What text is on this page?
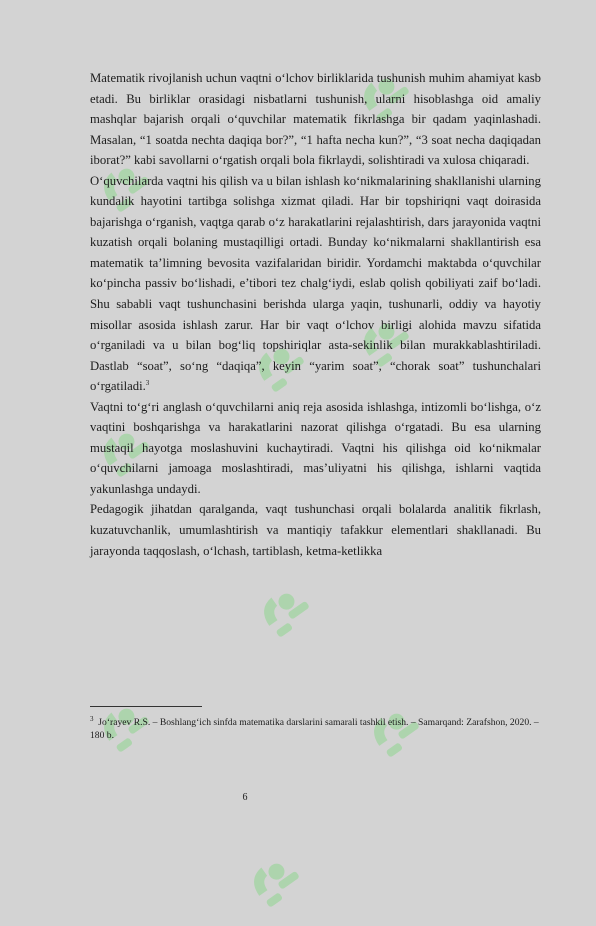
Matematik rivojlanish uchun vaqtni o‘lchov birliklarida tushunish muhim ahamiyat kasb etadi. Bu birliklar orasidagi nisbatlarni tushunish, ularni hisoblashga oid amaliy mashqlar bajarish orqali o‘quvchilar matematik fikrlashga bir qadam yaqinlashadi. Masalan, “1 soatda nechta daqiqa bor?”, “1 hafta necha kun?”, “3 soat necha daqiqadan iborat?” kabi savollarni o‘rgatish orqali bola fikrlaydi, solishtiradi va xulosa chiqaradi.

O‘quvchilarda vaqtni his qilish va u bilan ishlash ko‘nikmalarining shakllanishi ularning kundalik hayotini tartibga solishga xizmat qiladi. Har bir topshiriqni vaqt doirasida bajarishga o‘rganish, vaqtga qarab o‘z harakatlarini rejalashtirish, dars jarayonida vaqtni kuzatish orqali bolaning mustaqilligi ortadi. Bunday ko‘nikmalarni shakllantirish esa matematik ta’limning bevosita vazifalaridan biridir. Yordamchi maktabda o‘quvchilar ko‘pincha passiv bo‘lishadi, e’tibori tez chalg‘iydi, eslab qolish qobiliyati zaif bo‘ladi. Shu sababli vaqt tushunchasini berishda ularga yaqin, tushunarli, oddiy va hayotiy misollar asosida ishlash zarur. Har bir vaqt o‘lchov birligi alohida mavzu sifatida o‘rganiladi va u bilan bog‘liq topshiriqlar asta-sekinlik bilan murakkablashtiriladi. Dastlab “soat”, so‘ng “daqiqa”, keyin “yarim soat”, “chorak soat” tushunchalari o‘rgatiladi.$^3$

Vaqtni to‘g‘ri anglash o‘quvchilarni aniq reja asosida ishlashga, intizomli bo‘lishga, o‘z vaqtini boshqarishga va harakatlarini nazorat qilishga o‘rgatadi. Bu esa ularning mustaqil hayotga moslashuvini kuchaytiradi. Vaqtni his qilishga oid ko‘nikmalar o‘quvchilarni jamoaga moslashtiradi, mas’uliyatni his qilishga, ishlarni vaqtida yakunlashga undaydi.

Pedagogik jihatdan qaralganda, vaqt tushunchasi orqali bolalarda analitik fikrlash, kuzatuvchanlik, umumlashtirish va mantiqiy tafakkur elementlari shakllanadi. Bu jarayonda taqqoslash, o‘lchash, tartiblash, ketma-ketlikka

$^3$ Jo‘rayev R.S. – Boshlang‘ich sinfda matematika darslarini samarali tashkil etish. – Samarqand: Zarafshon, 2020. – 180 b.

6
